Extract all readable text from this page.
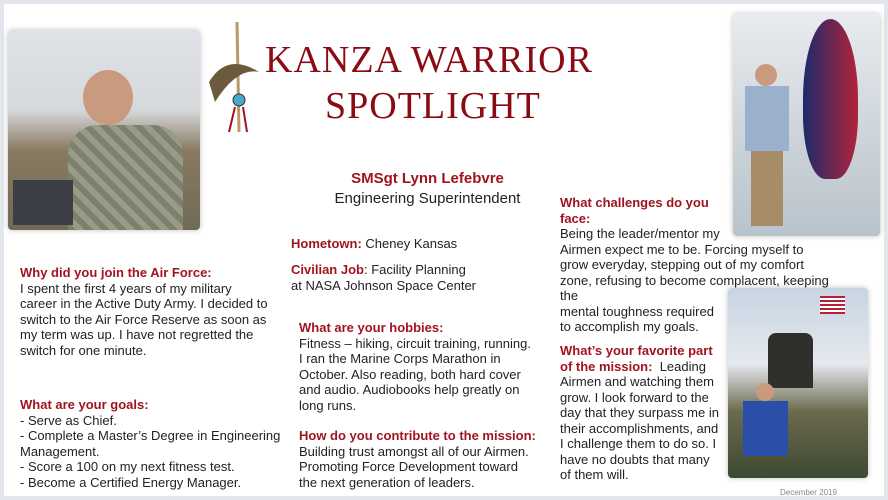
KANZA WARRIOR
SPOTLIGHT
SMSgt Lynn Lefebvre
Engineering Superintendent
Hometown: Cheney Kansas
Civilian Job: Facility Planning
at NASA Johnson Space Center
Why did you join the Air Force:
I spent the first 4 years of my military career in the Active Duty Army. I decided to switch to the Air Force Reserve as soon as my term was up. I have not regretted the switch for one minute.
What are your goals:
- Serve as Chief.
- Complete a Master’s Degree in Engineering Management.
- Score a 100 on my next fitness test.
- Become a Certified Energy Manager.
What are your hobbies:
Fitness – hiking, circuit training, running. I ran the Marine Corps Marathon in October. Also reading, both hard cover and audio. Audiobooks help greatly on long runs.
How do you contribute to the mission:
Building trust amongst all of our Airmen. Promoting Force Development toward the next generation of leaders.
What challenges do you face:
Being the leader/mentor my
Airmen expect me to be. Forcing myself to grow everyday, stepping out of my comfort zone, refusing to become complacent, keeping the
mental toughness required to accomplish my goals.
What’s your favorite part of the mission: Leading Airmen and watching them grow. I look forward to the day that they surpass me in their accomplishments, and I challenge them to do so. I have no doubts that many of them will.
December 2019
